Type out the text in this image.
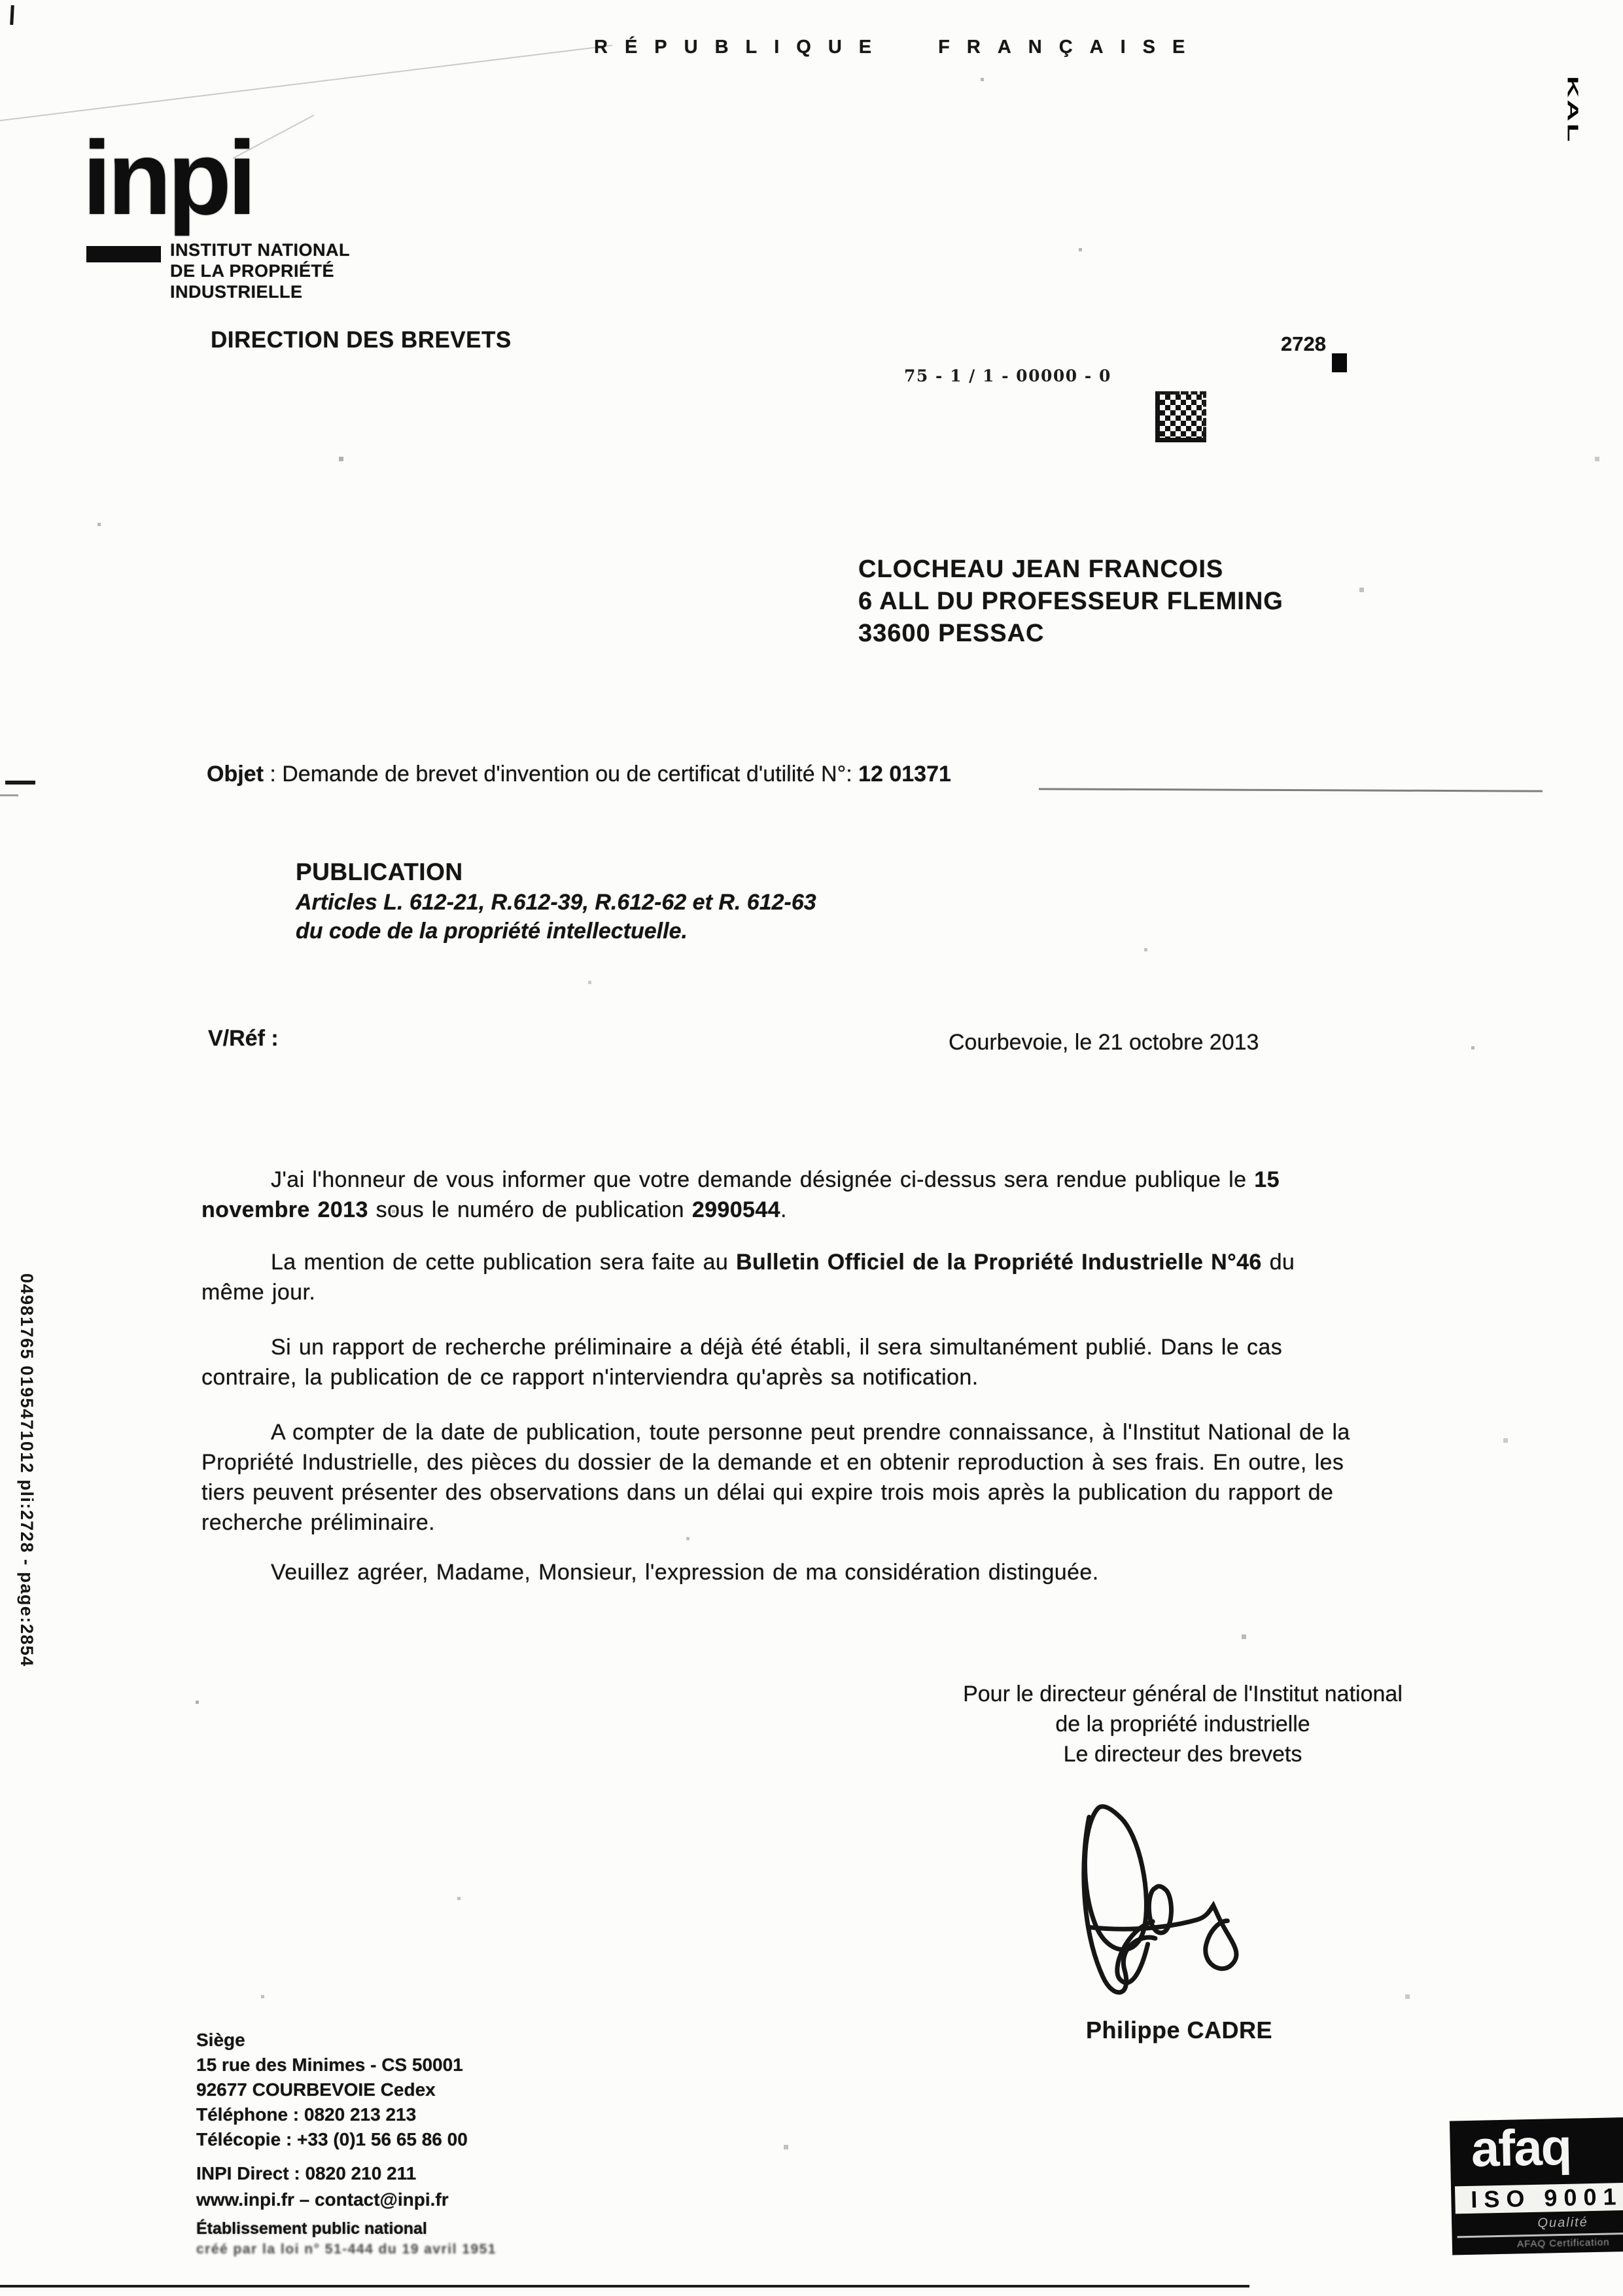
RÉPUBLIQUE FRANÇAISE
KAL
inpi
INSTITUT NATIONAL
DE LA PROPRIÉTÉ
INDUSTRIELLE
DIRECTION DES BREVETS
75 - 1 / 1 - 00000 - 0
2728
CLOCHEAU JEAN FRANCOIS
6 ALL DU PROFESSEUR FLEMING
33600 PESSAC
Objet : Demande de brevet d'invention ou de certificat d'utilité N°: 12 01371
PUBLICATION
Articles L. 612-21, R.612-39, R.612-62 et R. 612-63
du code de la propriété intellectuelle.
V/Réf :	Courbevoie, le 21 octobre 2013
J'ai l'honneur de vous informer que votre demande désignée ci-dessus sera rendue publique le 15
novembre 2013 sous le numéro de publication 2990544.
La mention de cette publication sera faite au Bulletin Officiel de la Propriété Industrielle N°46 du
même jour.
Si un rapport de recherche préliminaire a déjà été établi, il sera simultanément publié. Dans le cas
contraire, la publication de ce rapport n'interviendra qu'après sa notification.
A compter de la date de publication, toute personne peut prendre connaissance, à l'Institut National de la
Propriété Industrielle, des pièces du dossier de la demande et en obtenir reproduction à ses frais. En outre, les
tiers peuvent présenter des observations dans un délai qui expire trois mois après la publication du rapport de
recherche préliminaire.
Veuillez agréer, Madame, Monsieur, l'expression de ma considération distinguée.
Pour le directeur général de l'Institut national
de la propriété industrielle
Le directeur des brevets
Philippe CADRE
Siège
15 rue des Minimes - CS 50001
92677 COURBEVOIE Cedex
Téléphone : 0820 213 213
Télécopie : +33 (0)1 56 65 86 00
INPI Direct : 0820 210 211
www.inpi.fr – contact@inpi.fr
Établissement public national
créé par la loi n° 51-444 du 19 avril 1951
04981765 0195471012 pli:2728 - page:2854
afaq
ISO 9001
Qualité
AFAQ Certification
